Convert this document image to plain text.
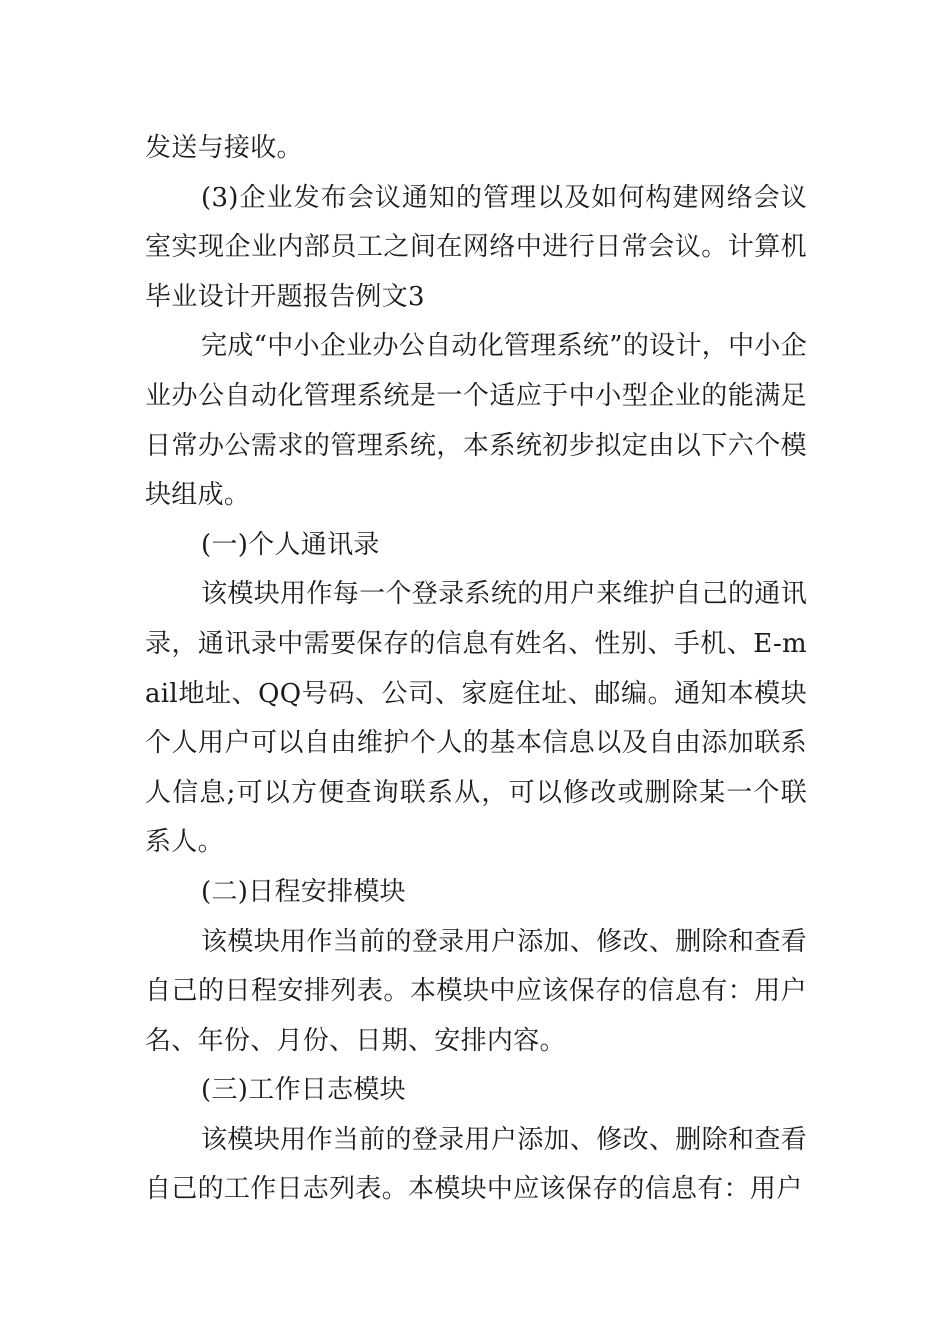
发送与接收。

(3)企业发布会议通知的管理以及如何构建网络会议室实现企业内部员工之间在网络中进行日常会议。计算机毕业设计开题报告例文3

完成“中小企业办公自动化管理系统”的设计，中小企业办公自动化管理系统是一个适应于中小型企业的能满足日常办公需求的管理系统，本系统初步拟定由以下六个模块组成。

(一)个人通讯录

该模块用作每一个登录系统的用户来维护自己的通讯录，通讯录中需要保存的信息有姓名、性别、手机、E-mail地址、QQ号码、公司、家庭住址、邮编。通知本模块个人用户可以自由维护个人的基本信息以及自由添加联系人信息;可以方便查询联系从，可以修改或删除某一个联系人。

(二)日程安排模块

该模块用作当前的登录用户添加、修改、删除和查看自己的日程安排列表。本模块中应该保存的信息有：用户名、年份、月份、日期、安排内容。

(三)工作日志模块

该模块用作当前的登录用户添加、修改、删除和查看自己的工作日志列表。本模块中应该保存的信息有：用户
